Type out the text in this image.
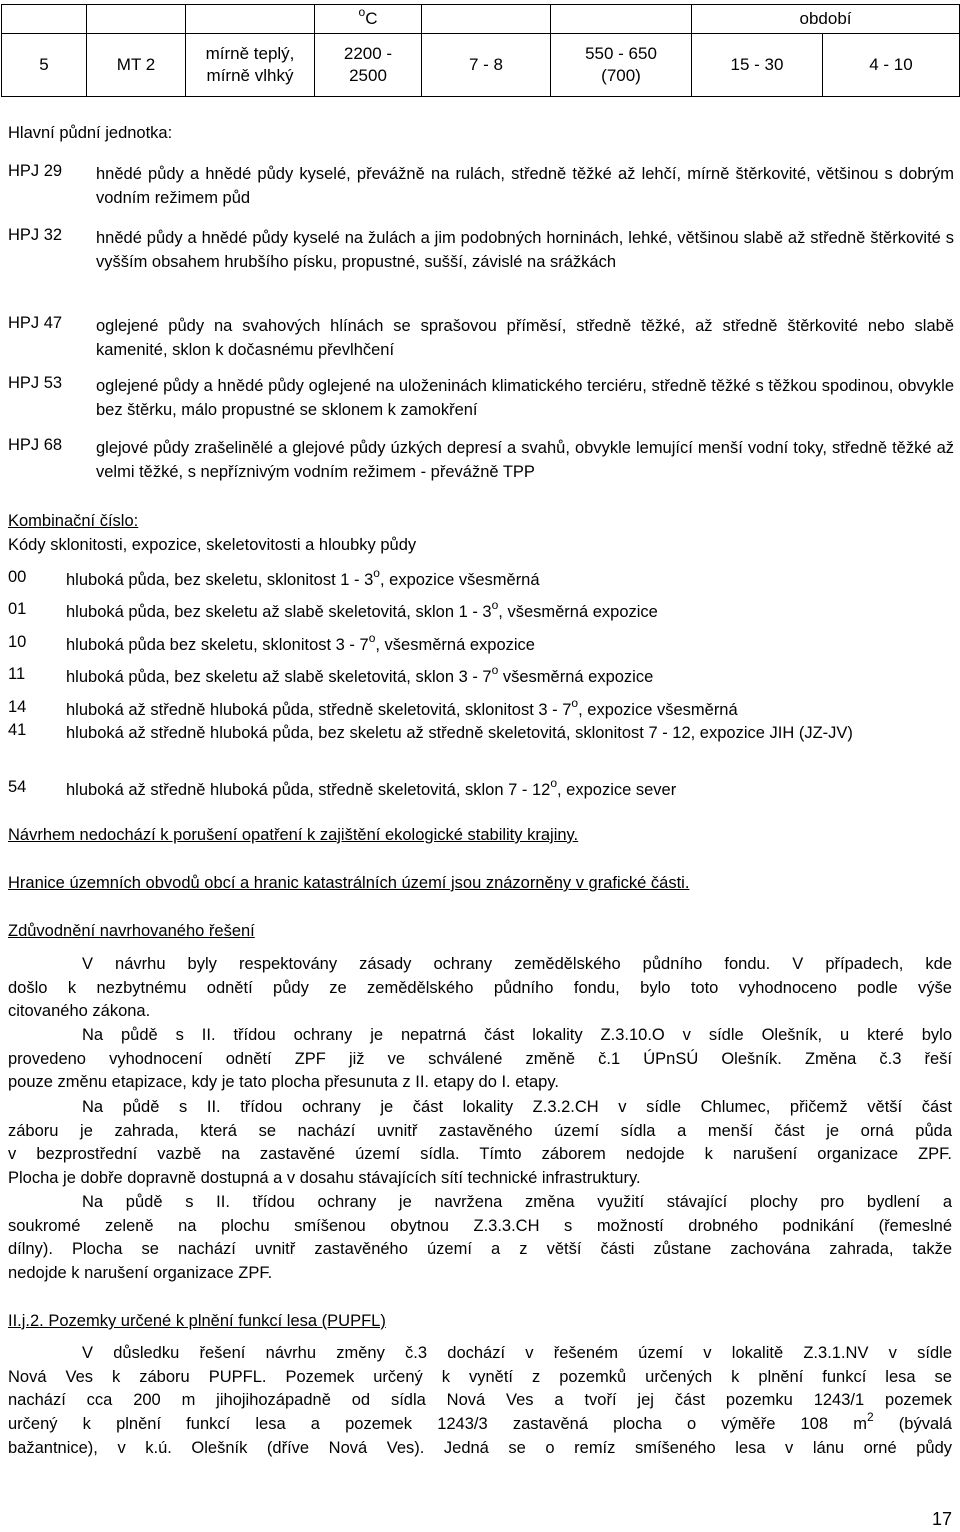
			$^o$C			období	
5	MT 2	mírně teplý, mírně vlhký	2200 - 2500	7 - 8	550 - 650 (700)	15 - 30	4 - 10
Hlavní půdní jednotka:
HPJ 29 hnědé půdy a hnědé půdy kyselé, převážně na rulách, středně těžké až lehčí, mírně štěrkovité, většinou s dobrým vodním režimem půd
HPJ 32 hnědé půdy a hnědé půdy kyselé na žulách a jim podobných horninách, lehké, většinou slabě až středně štěrkovité s vyšším obsahem hrubšího písku, propustné, sušší, závislé na srážkách
HPJ 47 oglejené půdy na svahových hlínách se sprašovou příměsí, středně těžké, až středně štěrkovité nebo slabě kamenité, sklon k dočasnému převlhčení
HPJ 53 oglejené půdy a hnědé půdy oglejené na uloženinách klimatického terciéru, středně těžké s těžkou spodinou, obvykle bez štěrku, málo propustné se sklonem k zamokření
HPJ 68 glejové půdy zrašelinělé a glejové půdy úzkých depresí a svahů, obvykle lemující menší vodní toky, středně těžké až velmi těžké, s nepříznivým vodním režimem - převážně TPP
Kombinační číslo:
Kódy sklonitosti, expozice, skeletovitosti a hloubky půdy
00 hluboká půda, bez skeletu, sklonitost 1 - 3$^o$, expozice všesměrná
01 hluboká půda, bez skeletu až slabě skeletovitá, sklon 1 - 3$^o$, všesměrná expozice
10 hluboká půda bez skeletu, sklonitost 3 - 7$^o$, všesměrná expozice
11 hluboká půda, bez skeletu až slabě skeletovitá, sklon 3 - 7$^o$ všesměrná expozice
14 hluboká až středně hluboká půda, středně skeletovitá, sklonitost 3 - 7$^o$, expozice všesměrná
41 hluboká až středně hluboká půda, bez skeletu až středně skeletovitá, sklonitost 7 - 12, expozice JIH (JZ-JV)
54 hluboká až středně hluboká půda, středně skeletovitá, sklon 7 - 12$^o$, expozice sever
Návrhem nedochází k porušení opatření k zajištění ekologické stability krajiny.
Hranice územních obvodů obcí a hranic katastrálních území jsou znázorněny v grafické části.
Zdůvodnění navrhovaného řešení
V návrhu byly respektovány zásady ochrany zemědělského půdního fondu. V případech, kde
došlo k nezbytnému odnětí půdy ze zemědělského půdního fondu, bylo toto vyhodnoceno podle výše
citovaného zákona.
Na půdě s II. třídou ochrany je nepatrná část lokality Z.3.10.O v sídle Olešník, u které bylo
provedeno vyhodnocení odnětí ZPF již ve schválené změně č.1 ÚPnSÚ Olešník. Změna č.3 řeší
pouze změnu etapizace, kdy je tato plocha přesunuta z II. etapy do I. etapy.
Na půdě s II. třídou ochrany je část lokality Z.3.2.CH v sídle Chlumec, přičemž větší část
záboru je zahrada, která se nachází uvnitř zastavěného území sídla a menší část je orná půda
v bezprostřední vazbě na zastavěné území sídla. Tímto záborem nedojde k narušení organizace ZPF.
Plocha je dobře dopravně dostupná a v dosahu stávajících sítí technické infrastruktury.
Na půdě s II. třídou ochrany je navržena změna využití stávající plochy pro bydlení a
soukromé zeleně na plochu smíšenou obytnou Z.3.3.CH s možností drobného podnikání (řemeslné
dílny). Plocha se nachází uvnitř zastavěného území a z větší části zůstane zachována zahrada, takže
nedojde k narušení organizace ZPF.
II.j.2. Pozemky určené k plnění funkcí lesa (PUPFL)
V důsledku řešení návrhu změny č.3 dochází v řešeném území v lokalitě Z.3.1.NV v sídle
Nová Ves k záboru PUPFL. Pozemek určený k vynětí z pozemků určených k plnění funkcí lesa se
nachází cca 200 m jihojihozápadně od sídla Nová Ves a tvoří jej část pozemku 1243/1 pozemek
určený k plnění funkcí lesa a pozemek 1243/3 zastavěná plocha o výměře 108 $m^2$ (bývalá
bažantnice), v k.ú. Olešník (dříve Nová Ves). Jedná se o remíz smíšeného lesa v lánu orné půdy
17
